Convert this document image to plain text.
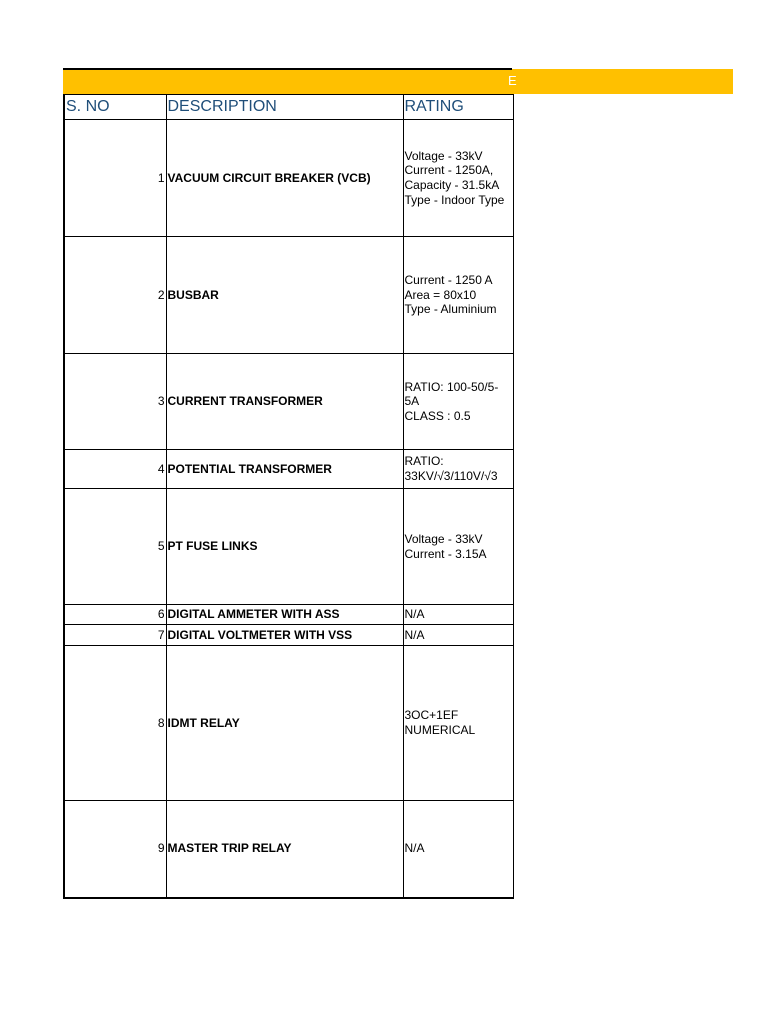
E
S. NO	DESCRIPTION	RATING
1	VACUUM CIRCUIT BREAKER (VCB)	Voltage - 33kV
Current - 1250A,
Capacity - 31.5kA
Type - Indoor Type
2	BUSBAR	Current - 1250 A
Area = 80x10
Type - Aluminium
3	CURRENT TRANSFORMER	RATIO: 100-50/5-
5A
CLASS : 0.5
4	POTENTIAL TRANSFORMER	RATIO:
33KV/√3/110V/√3
5	PT FUSE LINKS	Voltage - 33kV
Current - 3.15A
6	DIGITAL AMMETER WITH ASS	N/A
7	DIGITAL VOLTMETER WITH VSS	N/A
8	IDMT RELAY	3OC+1EF
NUMERICAL
9	MASTER TRIP RELAY	N/A
